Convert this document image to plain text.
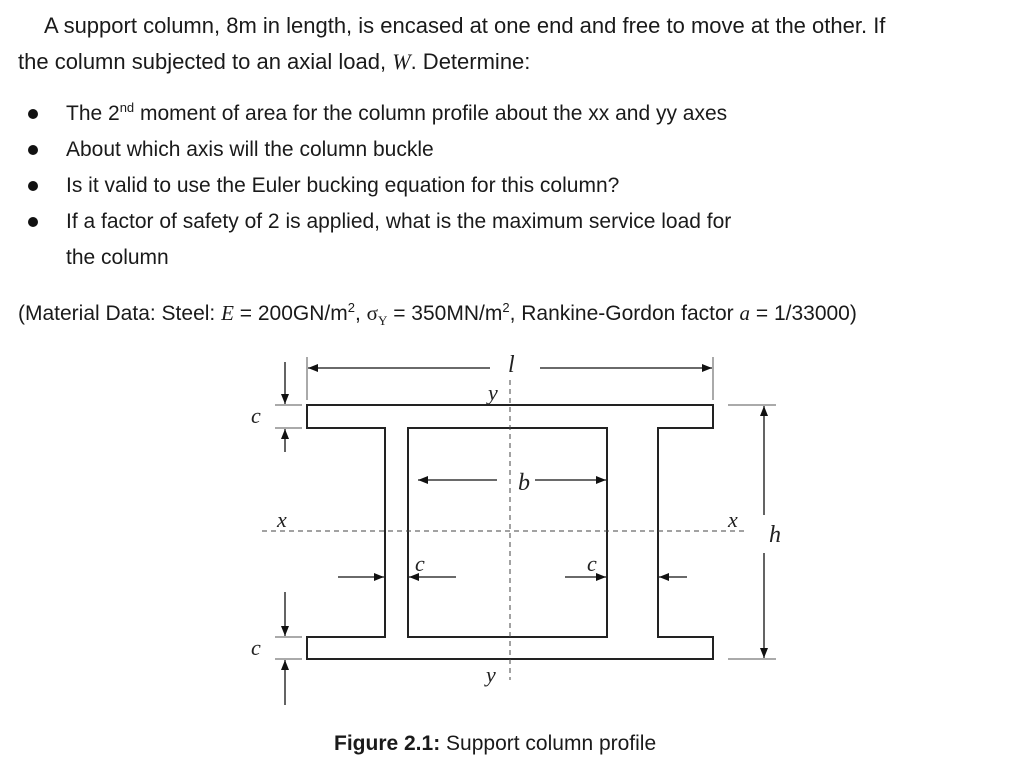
A support column, 8m in length, is encased at one end and free to move at the other. If
the column subjected to an axial load, W. Determine:
The 2nd moment of area for the column profile about the xx and yy axes
About which axis will the column buckle
Is it valid to use the Euler bucking equation for this column?
If a factor of safety of 2 is applied, what is the maximum service load for
the column
(Material Data: Steel: $E = 200GN/m^2$, $\sigma_Y = 350MN/m^2$, Rankine-Gordon factor a = 1/33000)
l
y
y
b
x	x
h
c
c
c	c
Figure 2.1: Support column profile
